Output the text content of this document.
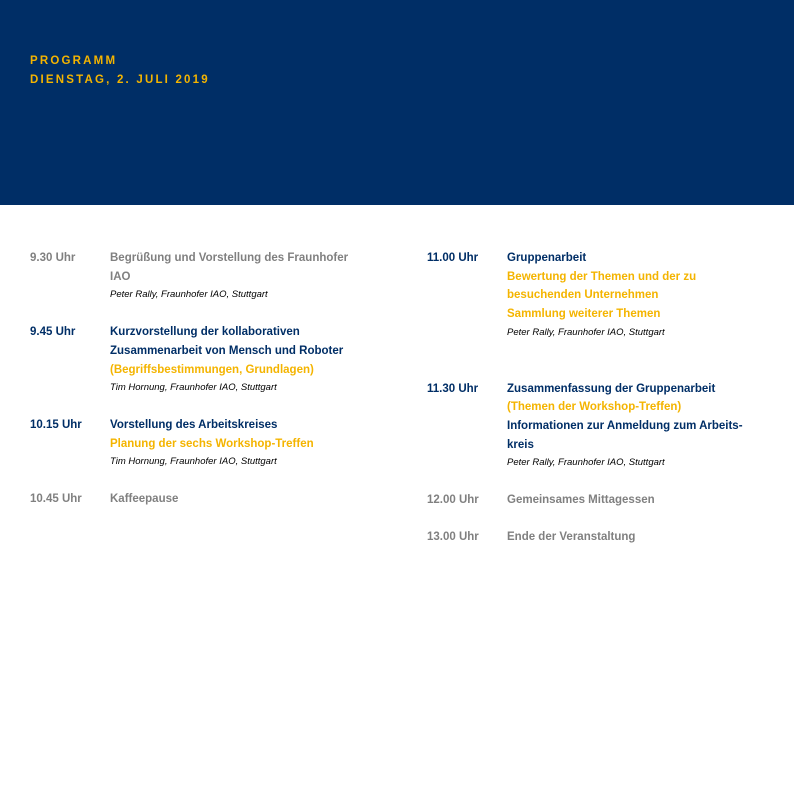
PROGRAMM
DIENSTAG, 2. JULI 2019
9.30 Uhr	Begrüßung und Vorstellung des Fraunhofer
IAO
Peter Rally, Fraunhofer IAO, Stuttgart
9.45 Uhr	Kurzvorstellung der kollaborativen
Zusammenarbeit von Mensch und Roboter
(Begriffsbestimmungen, Grundlagen)
Tim Hornung, Fraunhofer IAO, Stuttgart
10.15 Uhr Vorstellung des Arbeitskreises
Planung der sechs Workshop-Treffen
Tim Hornung, Fraunhofer IAO, Stuttgart
10.45 Uhr Kaffeepause
11.00 Uhr	Gruppenarbeit
Bewertung der Themen und der zu
besuchenden Unternehmen
Sammlung weiterer Themen
Peter Rally, Fraunhofer IAO, Stuttgart
11.30 Uhr	Zusammenfassung der Gruppenarbeit
(Themen der Workshop-Treffen)
Informationen zur Anmeldung zum Arbeits-
kreis
Peter Rally, Fraunhofer IAO, Stuttgart
12.00 Uhr Gemeinsames Mittagessen
13.00 Uhr Ende der Veranstaltung
